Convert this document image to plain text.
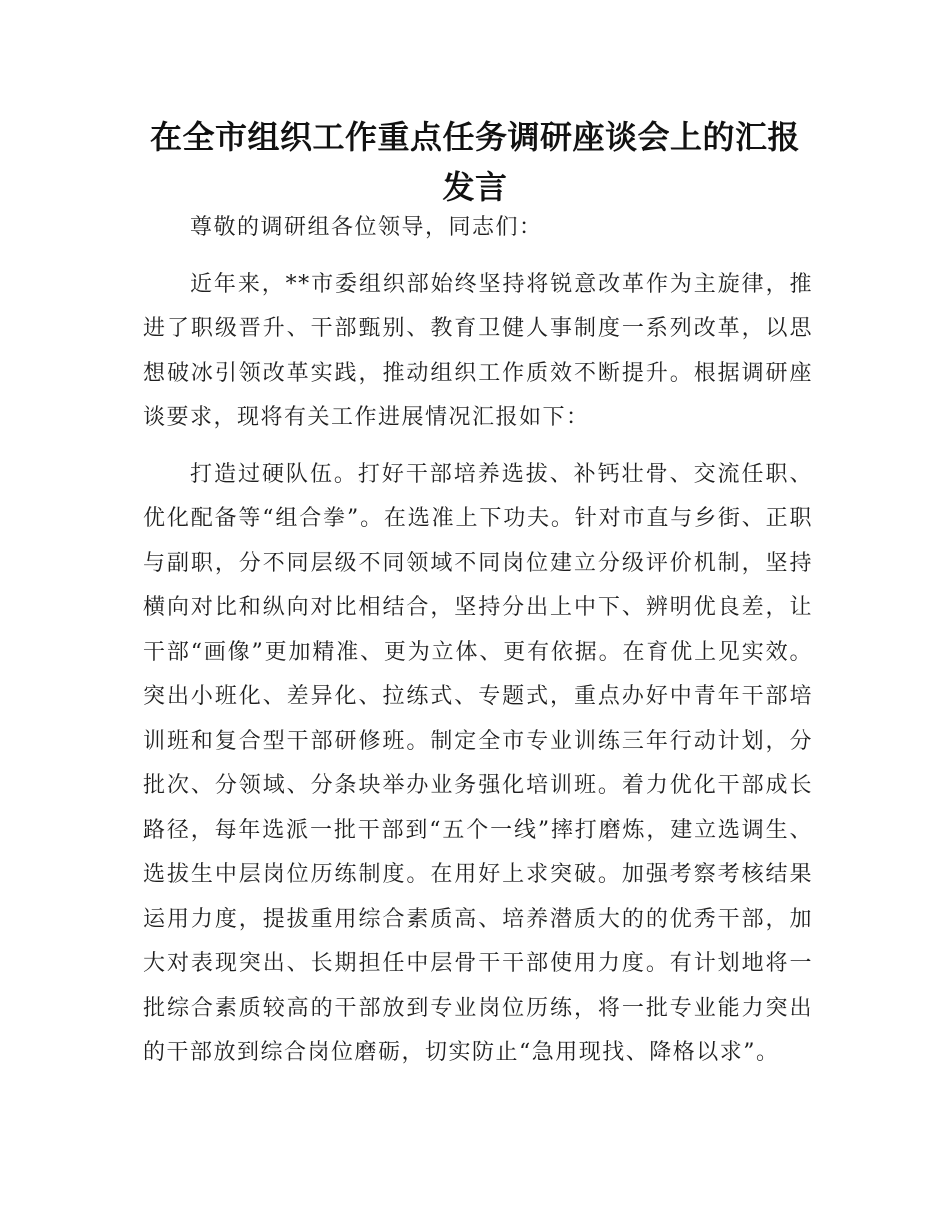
在全市组织工作重点任务调研座谈会上的汇报
发言

尊敬的调研组各位领导，同志们：

近年来，**市委组织部始终坚持将锐意改革作为主旋律，推进了职级晋升、干部甄别、教育卫健人事制度一系列改革，以思想破冰引领改革实践，推动组织工作质效不断提升。根据调研座谈要求，现将有关工作进展情况汇报如下：

打造过硬队伍。打好干部培养选拔、补钙壮骨、交流任职、优化配备等“组合拳”。在选准上下功夫。针对市直与乡街、正职与副职，分不同层级不同领域不同岗位建立分级评价机制，坚持横向对比和纵向对比相结合，坚持分出上中下、辨明优良差，让干部“画像”更加精准、更为立体、更有依据。在育优上见实效。突出小班化、差异化、拉练式、专题式，重点办好中青年干部培训班和复合型干部研修班。制定全市专业训练三年行动计划，分批次、分领域、分条块举办业务强化培训班。着力优化干部成长路径，每年选派一批干部到“五个一线”摔打磨炼，建立选调生、选拔生中层岗位历练制度。在用好上求突破。加强考察考核结果运用力度，提拔重用综合素质高、培养潜质大的的优秀干部，加大对表现突出、长期担任中层骨干干部使用力度。有计划地将一批综合素质较高的干部放到专业岗位历练，将一批专业能力突出的干部放到综合岗位磨砺，切实防止“急用现找、降格以求”。
